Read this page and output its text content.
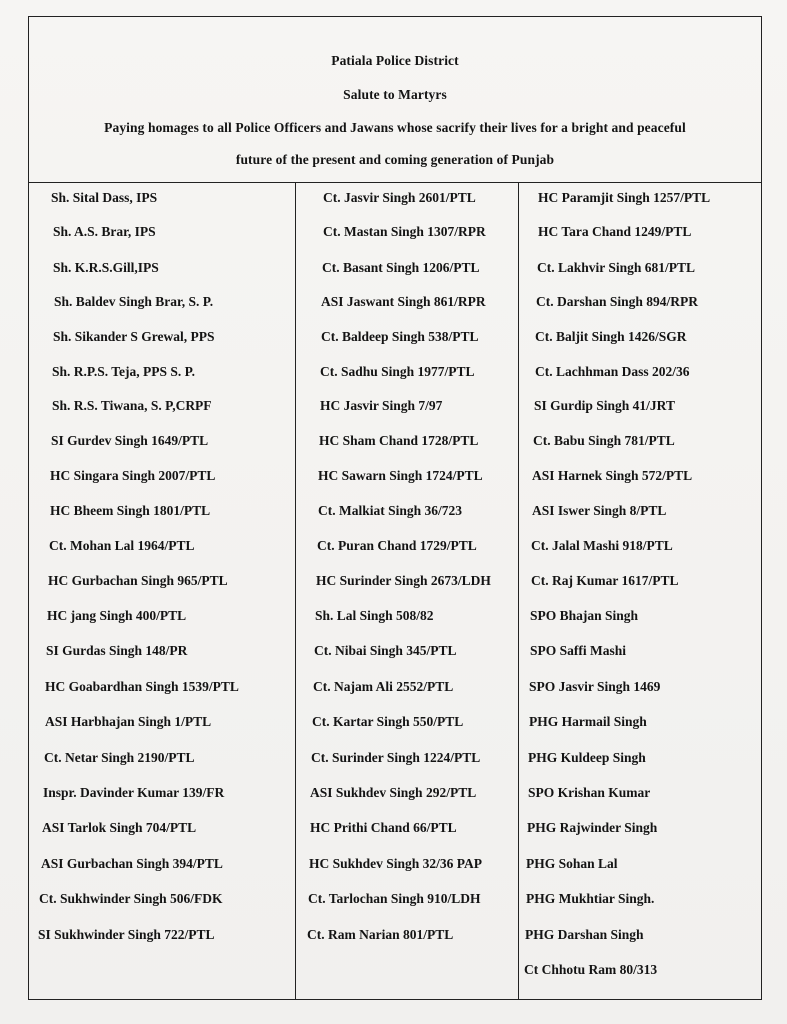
Patiala Police District
Salute to Martyrs
Paying homages to all Police Officers and Jawans whose sacrify their lives for a bright and peaceful
future of the present and coming generation of Punjab
Sh. Sital Dass, IPS
Sh. A.S. Brar, IPS
Sh. K.R.S.Gill,IPS
Sh. Baldev Singh Brar, S. P.
Sh. Sikander S Grewal, PPS
Sh. R.P.S. Teja, PPS S. P.
Sh. R.S. Tiwana, S. P,CRPF
SI Gurdev Singh 1649/PTL
HC Singara Singh 2007/PTL
HC Bheem Singh 1801/PTL
Ct. Mohan Lal 1964/PTL
HC Gurbachan Singh 965/PTL
HC jang Singh 400/PTL
SI Gurdas Singh 148/PR
HC Goabardhan Singh 1539/PTL
ASI Harbhajan Singh 1/PTL
Ct. Netar Singh 2190/PTL
Inspr. Davinder Kumar 139/FR
ASI Tarlok Singh 704/PTL
ASI Gurbachan Singh 394/PTL
Ct. Sukhwinder Singh 506/FDK
SI Sukhwinder Singh 722/PTL
Ct. Jasvir Singh 2601/PTL
Ct. Mastan Singh 1307/RPR
Ct. Basant Singh 1206/PTL
ASI Jaswant Singh 861/RPR
Ct. Baldeep Singh 538/PTL
Ct. Sadhu Singh 1977/PTL
HC Jasvir Singh 7/97
HC Sham Chand 1728/PTL
HC Sawarn Singh 1724/PTL
Ct. Malkiat Singh 36/723
Ct. Puran Chand 1729/PTL
HC Surinder Singh 2673/LDH
Sh. Lal Singh 508/82
Ct. Nibai Singh 345/PTL
Ct. Najam Ali 2552/PTL
Ct. Kartar Singh 550/PTL
Ct. Surinder Singh 1224/PTL
ASI Sukhdev Singh 292/PTL
HC Prithi Chand 66/PTL
HC Sukhdev Singh 32/36 PAP
Ct. Tarlochan Singh 910/LDH
Ct. Ram Narian 801/PTL
HC Paramjit Singh 1257/PTL
HC Tara Chand 1249/PTL
Ct. Lakhvir Singh 681/PTL
Ct. Darshan Singh 894/RPR
Ct. Baljit Singh 1426/SGR
Ct. Lachhman Dass 202/36
SI Gurdip Singh 41/JRT
Ct. Babu Singh 781/PTL
ASI Harnek Singh 572/PTL
ASI Iswer Singh 8/PTL
Ct. Jalal Mashi 918/PTL
Ct. Raj Kumar 1617/PTL
SPO Bhajan Singh
SPO Saffi Mashi
SPO Jasvir Singh 1469
PHG Harmail Singh
PHG Kuldeep Singh
SPO Krishan Kumar
PHG Rajwinder Singh
PHG Sohan Lal
PHG Mukhtiar Singh.
PHG Darshan Singh
Ct Chhotu Ram 80/313
